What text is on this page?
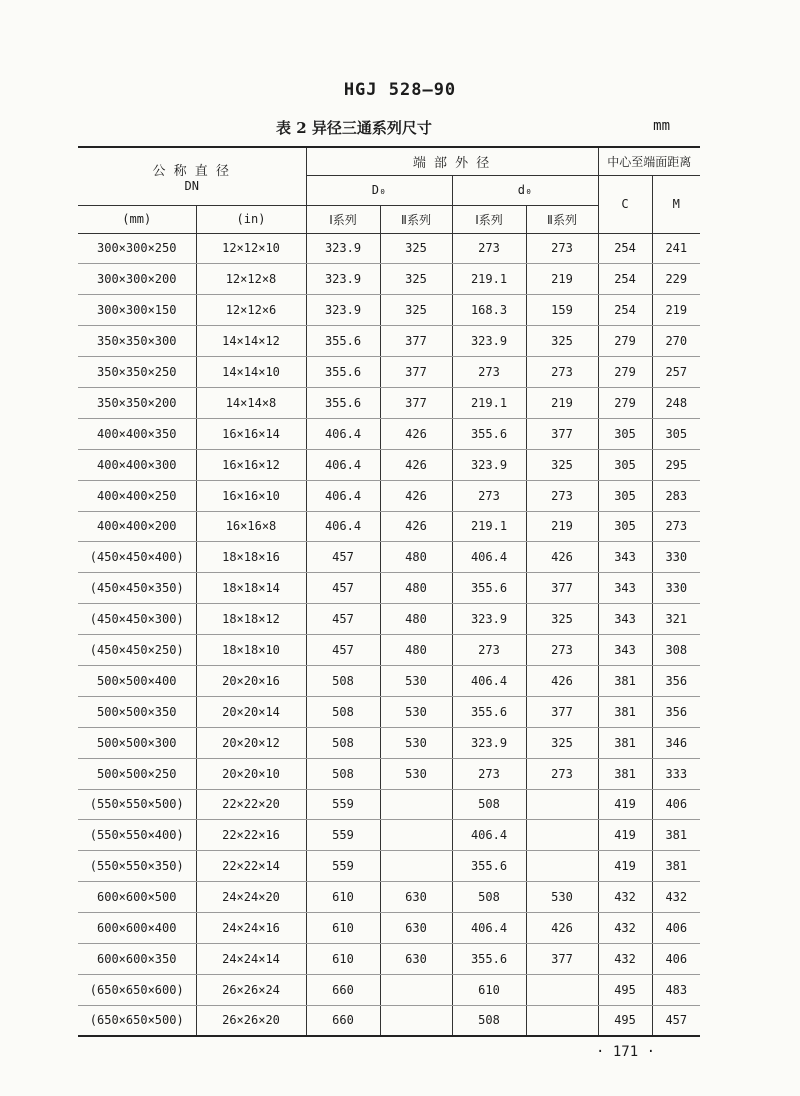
HGJ 528—90
表 2 异径三通系列尺寸	mm
公 称 直 径
DN		端 部 外 径				中心至端面距离	
		D₀		d₀		C	M
(mm)	(in)	Ⅰ系列	Ⅱ系列	Ⅰ系列	Ⅱ系列		
300×300×250	12×12×10	323.9	325	273	273	254	241
300×300×200	12×12×8	323.9	325	219.1	219	254	229
300×300×150	12×12×6	323.9	325	168.3	159	254	219
350×350×300	14×14×12	355.6	377	323.9	325	279	270
350×350×250	14×14×10	355.6	377	273	273	279	257
350×350×200	14×14×8	355.6	377	219.1	219	279	248
400×400×350	16×16×14	406.4	426	355.6	377	305	305
400×400×300	16×16×12	406.4	426	323.9	325	305	295
400×400×250	16×16×10	406.4	426	273	273	305	283
400×400×200	16×16×8	406.4	426	219.1	219	305	273
(450×450×400)	18×18×16	457	480	406.4	426	343	330
(450×450×350)	18×18×14	457	480	355.6	377	343	330
(450×450×300)	18×18×12	457	480	323.9	325	343	321
(450×450×250)	18×18×10	457	480	273	273	343	308
500×500×400	20×20×16	508	530	406.4	426	381	356
500×500×350	20×20×14	508	530	355.6	377	381	356
500×500×300	20×20×12	508	530	323.9	325	381	346
500×500×250	20×20×10	508	530	273	273	381	333
(550×550×500)	22×22×20	559		508		419	406
(550×550×400)	22×22×16	559		406.4		419	381
(550×550×350)	22×22×14	559		355.6		419	381
600×600×500	24×24×20	610	630	508	530	432	432
600×600×400	24×24×16	610	630	406.4	426	432	406
600×600×350	24×24×14	610	630	355.6	377	432	406
(650×650×600)	26×26×24	660		610		495	483
(650×650×500)	26×26×20	660		508		495	457
· 171 ·
